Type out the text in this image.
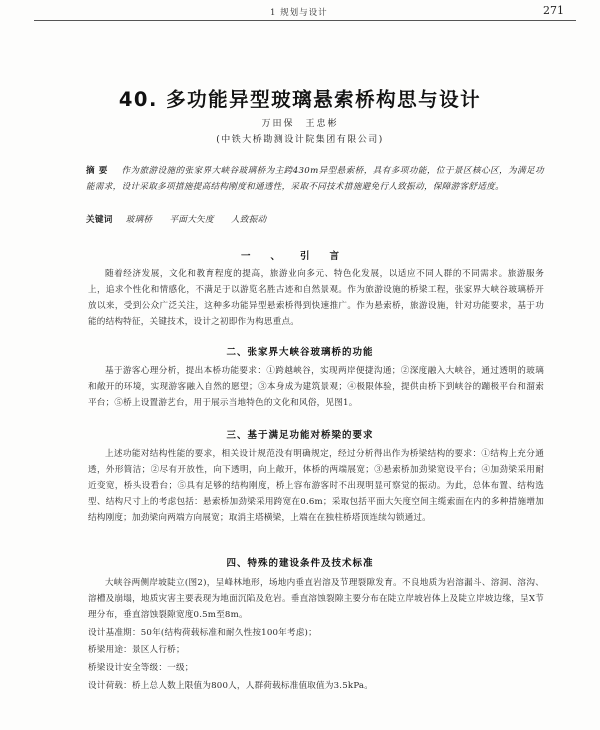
1 规划与设计	271
40. 多功能异型玻璃悬索桥构思与设计
万田保　王忠彬
(中铁大桥勘测设计院集团有限公司)
摘要 作为旅游设施的张家界大峡谷玻璃桥为主跨430m异型悬索桥，具有多项功能，位于景区核心区，为满足功能需求，设计采取多项措施提高结构刚度和通透性，采取不同技术措施避免行人致振动，保障游客舒适度。
关键词 玻璃桥 平面大矢度 人致振动
一、引言

随着经济发展，文化和教育程度的提高，旅游业向多元、特色化发展，以适应不同人群的不同需求。旅游服务上，追求个性化和情感化，不满足于以游览名胜古迹和自然景观。作为旅游设施的桥梁工程，张家界大峡谷玻璃桥开放以来，受到公众广泛关注，这种多功能异型悬索桥得到快速推广。作为悬索桥，旅游设施，针对功能要求，基于功能的结构特征，关键技术，设计之初即作为构思重点。

二、张家界大峡谷玻璃桥的功能

基于游客心理分析，提出本桥功能要求：①跨越峡谷，实现两岸便捷沟通；②深度融入大峡谷，通过透明的玻璃和敞开的环境，实现游客融入自然的愿望；③本身成为建筑景观；④极限体验，提供由桥下到峡谷的蹦极平台和溜索平台；⑤桥上设置游艺台，用于展示当地特色的文化和风俗，见图1。

三、基于满足功能对桥梁的要求

上述功能对结构性能的要求，相关设计规范没有明确规定，经过分析得出作为桥梁结构的要求：①结构上充分通透，外形简洁；②尽有开放性，向下透明，向上敞开，体桥的两端展宽；③悬索桥加劲梁宽设平台；④加劲梁采用耐近变宽，桥头设看台；⑤具有足够的结构刚度，桥上容布游客时不出现明显可察觉的振动。为此，总体布置、结构选型、结构尺寸上的考虑包括：悬索桥加劲梁采用跨宽在0.6m；采取包括平面大矢度空间主缆索面在内的多种措施增加结构刚度；加劲梁向两端方向展宽；取消主塔横梁，上端在在独柱桥塔顶连续勾锁通过。

四、特殊的建设条件及技术标准

大峡谷两侧岸坡陡立(图2)，呈峰林地形，场地内垂直岩溶及节理裂隙发育。不良地质为岩溶漏斗、溶洞、溶沟、溶槽及崩塌，地质灾害主要表现为地面沉陷及危岩。垂直溶蚀裂隙主要分布在陡立岸坡岩体上及陡立岸坡边缘，呈X节理分布，垂直溶蚀裂隙宽度0.5m至8m。

设计基准期：50年(结构荷载标准和耐久性按100年考虑)；

桥梁用途：景区人行桥；

桥梁设计安全等级：一级；

设计荷载：桥上总人数上限值为800人，人群荷载标准值取值为3.5kPa。
